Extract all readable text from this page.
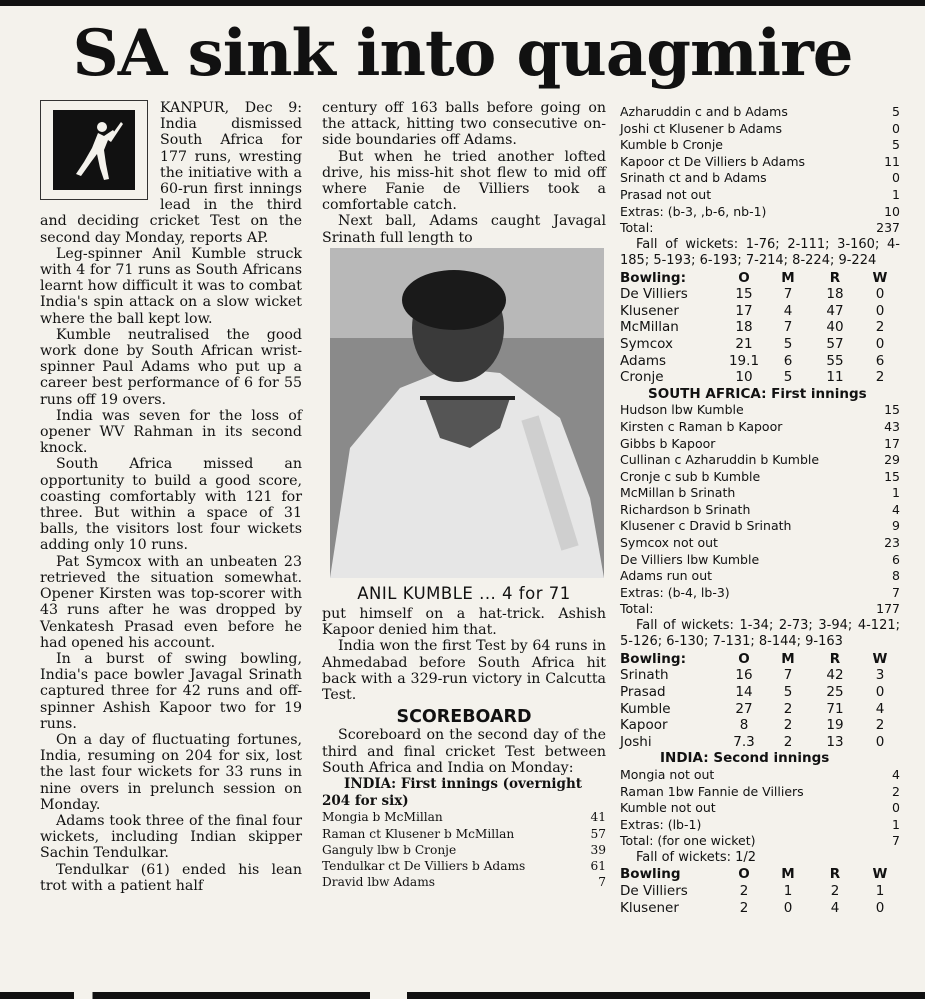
SA sink into quagmire

KANPUR, Dec 9: India dismissed South Africa for 177 runs, wresting the initiative with a 60-run first innings lead in the third and deciding cricket Test on the second day Monday, reports AP.

Leg-spinner Anil Kumble struck with 4 for 71 runs as South Africans learnt how difficult it was to combat India's spin attack on a slow wicket where the ball kept low.

Kumble neutralised the good work done by South African wrist-spinner Paul Adams who put up a career best performance of 6 for 55 runs off 19 overs.

India was seven for the loss of opener WV Rahman in its second knock.

South Africa missed an opportunity to build a good score, coasting comfortably with 121 for three. But within a space of 31 balls, the visitors lost four wickets adding only 10 runs.

Pat Symcox with an unbeaten 23 retrieved the situation somewhat. Opener Kirsten was top-scorer with 43 runs after he was dropped by Venkatesh Prasad even before he had opened his account.

In a burst of swing bowling, India's pace bowler Javagal Srinath captured three for 42 runs and off-spinner Ashish Kapoor two for 19 runs.

On a day of fluctuating fortunes, India, resuming on 204 for six, lost the last four wickets for 33 runs in nine overs in prelunch session on Monday.

Adams took three of the final four wickets, including Indian skipper Sachin Tendulkar.

Tendulkar (61) ended his lean trot with a patient half

century off 163 balls before going on the attack, hitting two consecutive on-side boundaries off Adams.

But when he tried another lofted drive, his miss-hit shot flew to mid off where Fanie de Villiers took a comfortable catch.

Next ball, Adams caught Javagal Srinath full length to

ANIL KUMBLE ... 4 for 71

put himself on a hat-trick. Ashish Kapoor denied him that.

India won the first Test by 64 runs in Ahmedabad before South Africa hit back with a 329-run victory in Calcutta Test.

SCOREBOARD

Scoreboard on the second day of the third and final cricket Test between South Africa and India on Monday:

INDIA: First innings (overnight 204 for six)
Mongia b McMillan	41
Raman ct Klusener b McMillan	57
Ganguly lbw b Cronje	39
Tendulkar ct De Villiers b Adams	61
Dravid lbw Adams	7
Azharuddin c and b Adams	5
Joshi ct Klusener b Adams	0
Kumble b Cronje	5
Kapoor ct De Villiers b Adams	11
Srinath ct and b Adams	0
Prasad not out	1
Extras: (b-3, ,b-6, nb-1)	10
Total:	237

Fall of wickets: 1-76; 2-111; 3-160; 4-185; 5-193; 6-193; 7-214; 8-224; 9-224

Bowling:	O	M	R	W
De Villiers	15	7	18	0
Klusener	17	4	47	0
McMillan	18	7	40	2
Symcox	21	5	57	0
Adams	19.1	6	55	6
Cronje	10	5	11	2
SOUTH AFRICA: First innings
Hudson lbw Kumble	15
Kirsten c Raman b Kapoor	43
Gibbs b Kapoor	17
Cullinan c Azharuddin b Kumble	29
Cronje c sub b Kumble	15
McMillan b Srinath	1
Richardson b Srinath	4
Klusener c Dravid b Srinath	9
Symcox not out	23
De Villiers lbw Kumble	6
Adams run out	8
Extras: (b-4, lb-3)	7
Total:	177

Fall of wickets: 1-34; 2-73; 3-94; 4-121; 5-126; 6-130; 7-131; 8-144; 9-163

Bowling:	O	M	R	W
Srinath	16	7	42	3
Prasad	14	5	25	0
Kumble	27	2	71	4
Kapoor	8	2	19	2
Joshi	7.3	2	13	0
INDIA: Second innings
Mongia not out	4
Raman 1bw Fannie de Villiers	2
Kumble not out	0
Extras: (lb-1)	1
Total: (for one wicket)	7

Fall of wickets: 1/2

Bowling	O	M	R	W
De Villiers	2	1	2	1
Klusener	2	0	4	0
